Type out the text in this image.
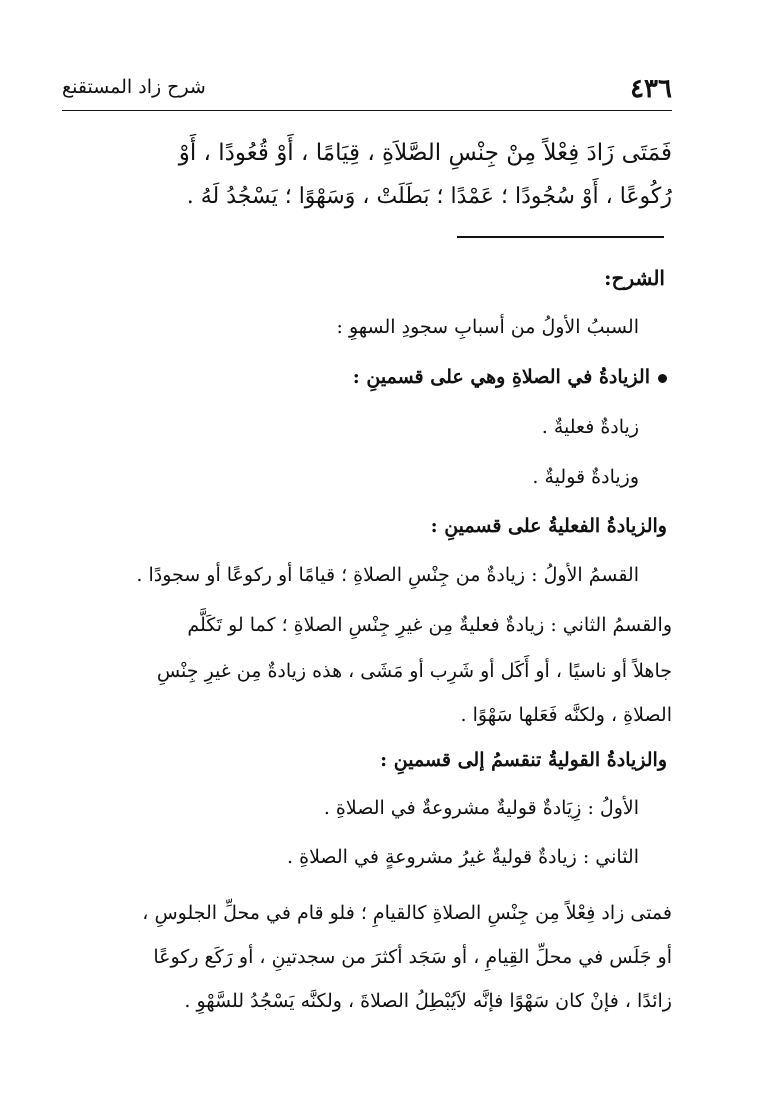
٤٣٦
شرح زاد المستقنع
فَمَتَى زَادَ فِعْلاً مِنْ جِنْسِ الصَّلاَةِ ، قِيَامًا ، أَوْ قُعُودًا ، أَوْ
رُكُوعًا ، أَوْ سُجُودًا ؛ عَمْدًا ؛ بَطَلَتْ ، وَسَهْوًا ؛ يَسْجُدُ لَهُ .
الشرح:
السببُ الأولُ من أسبابِ سجودِ السهوِ :
الزيادةُ في الصلاةِ وهي على قسمينِ :
زيادةٌ فعليةٌ .
وزيادةٌ قوليةٌ .
والزيادةُ الفعليةُ على قسمينِ :
القسمُ الأولُ : زيادةٌ من جِنْسِ الصلاةِ ؛ قيامًا أو ركوعًا أو سجودًا .
والقسمُ الثاني : زيادةٌ فعليةٌ مِن غيرِ جِنْسِ الصلاةِ ؛ كما لو تَكَلَّم
جاهلاً أو ناسيًا ، أو أَكَل أو شَرِب أو مَشَى ، هذه زيادةٌ مِن غيرِ جِنْسِ
الصلاةِ ، ولكنَّه فَعَلها سَهْوًا .
والزيادةُ القوليةُ تنقسمُ إلى قسمينِ :
الأولُ : زِيَادةٌ قوليةٌ مشروعةٌ في الصلاةِ .
الثاني : زيادةٌ قوليةٌ غيرُ مشروعةٍ في الصلاةِ .
فمتى زاد فِعْلاً مِن جِنْسِ الصلاةِ كالقيامِ ؛ فلو قام في محلِّ الجلوسِ ،
أو جَلَس في محلِّ القِيامِ ، أو سَجَد أكثرَ من سجدتينِ ، أو رَكَع ركوعًا
زائدًا ، فإنْ كان سَهْوًا فإنَّه لاَيُبْطِلُ الصلاةَ ، ولكنَّه يَسْجُدُ للسَّهْوِ .
